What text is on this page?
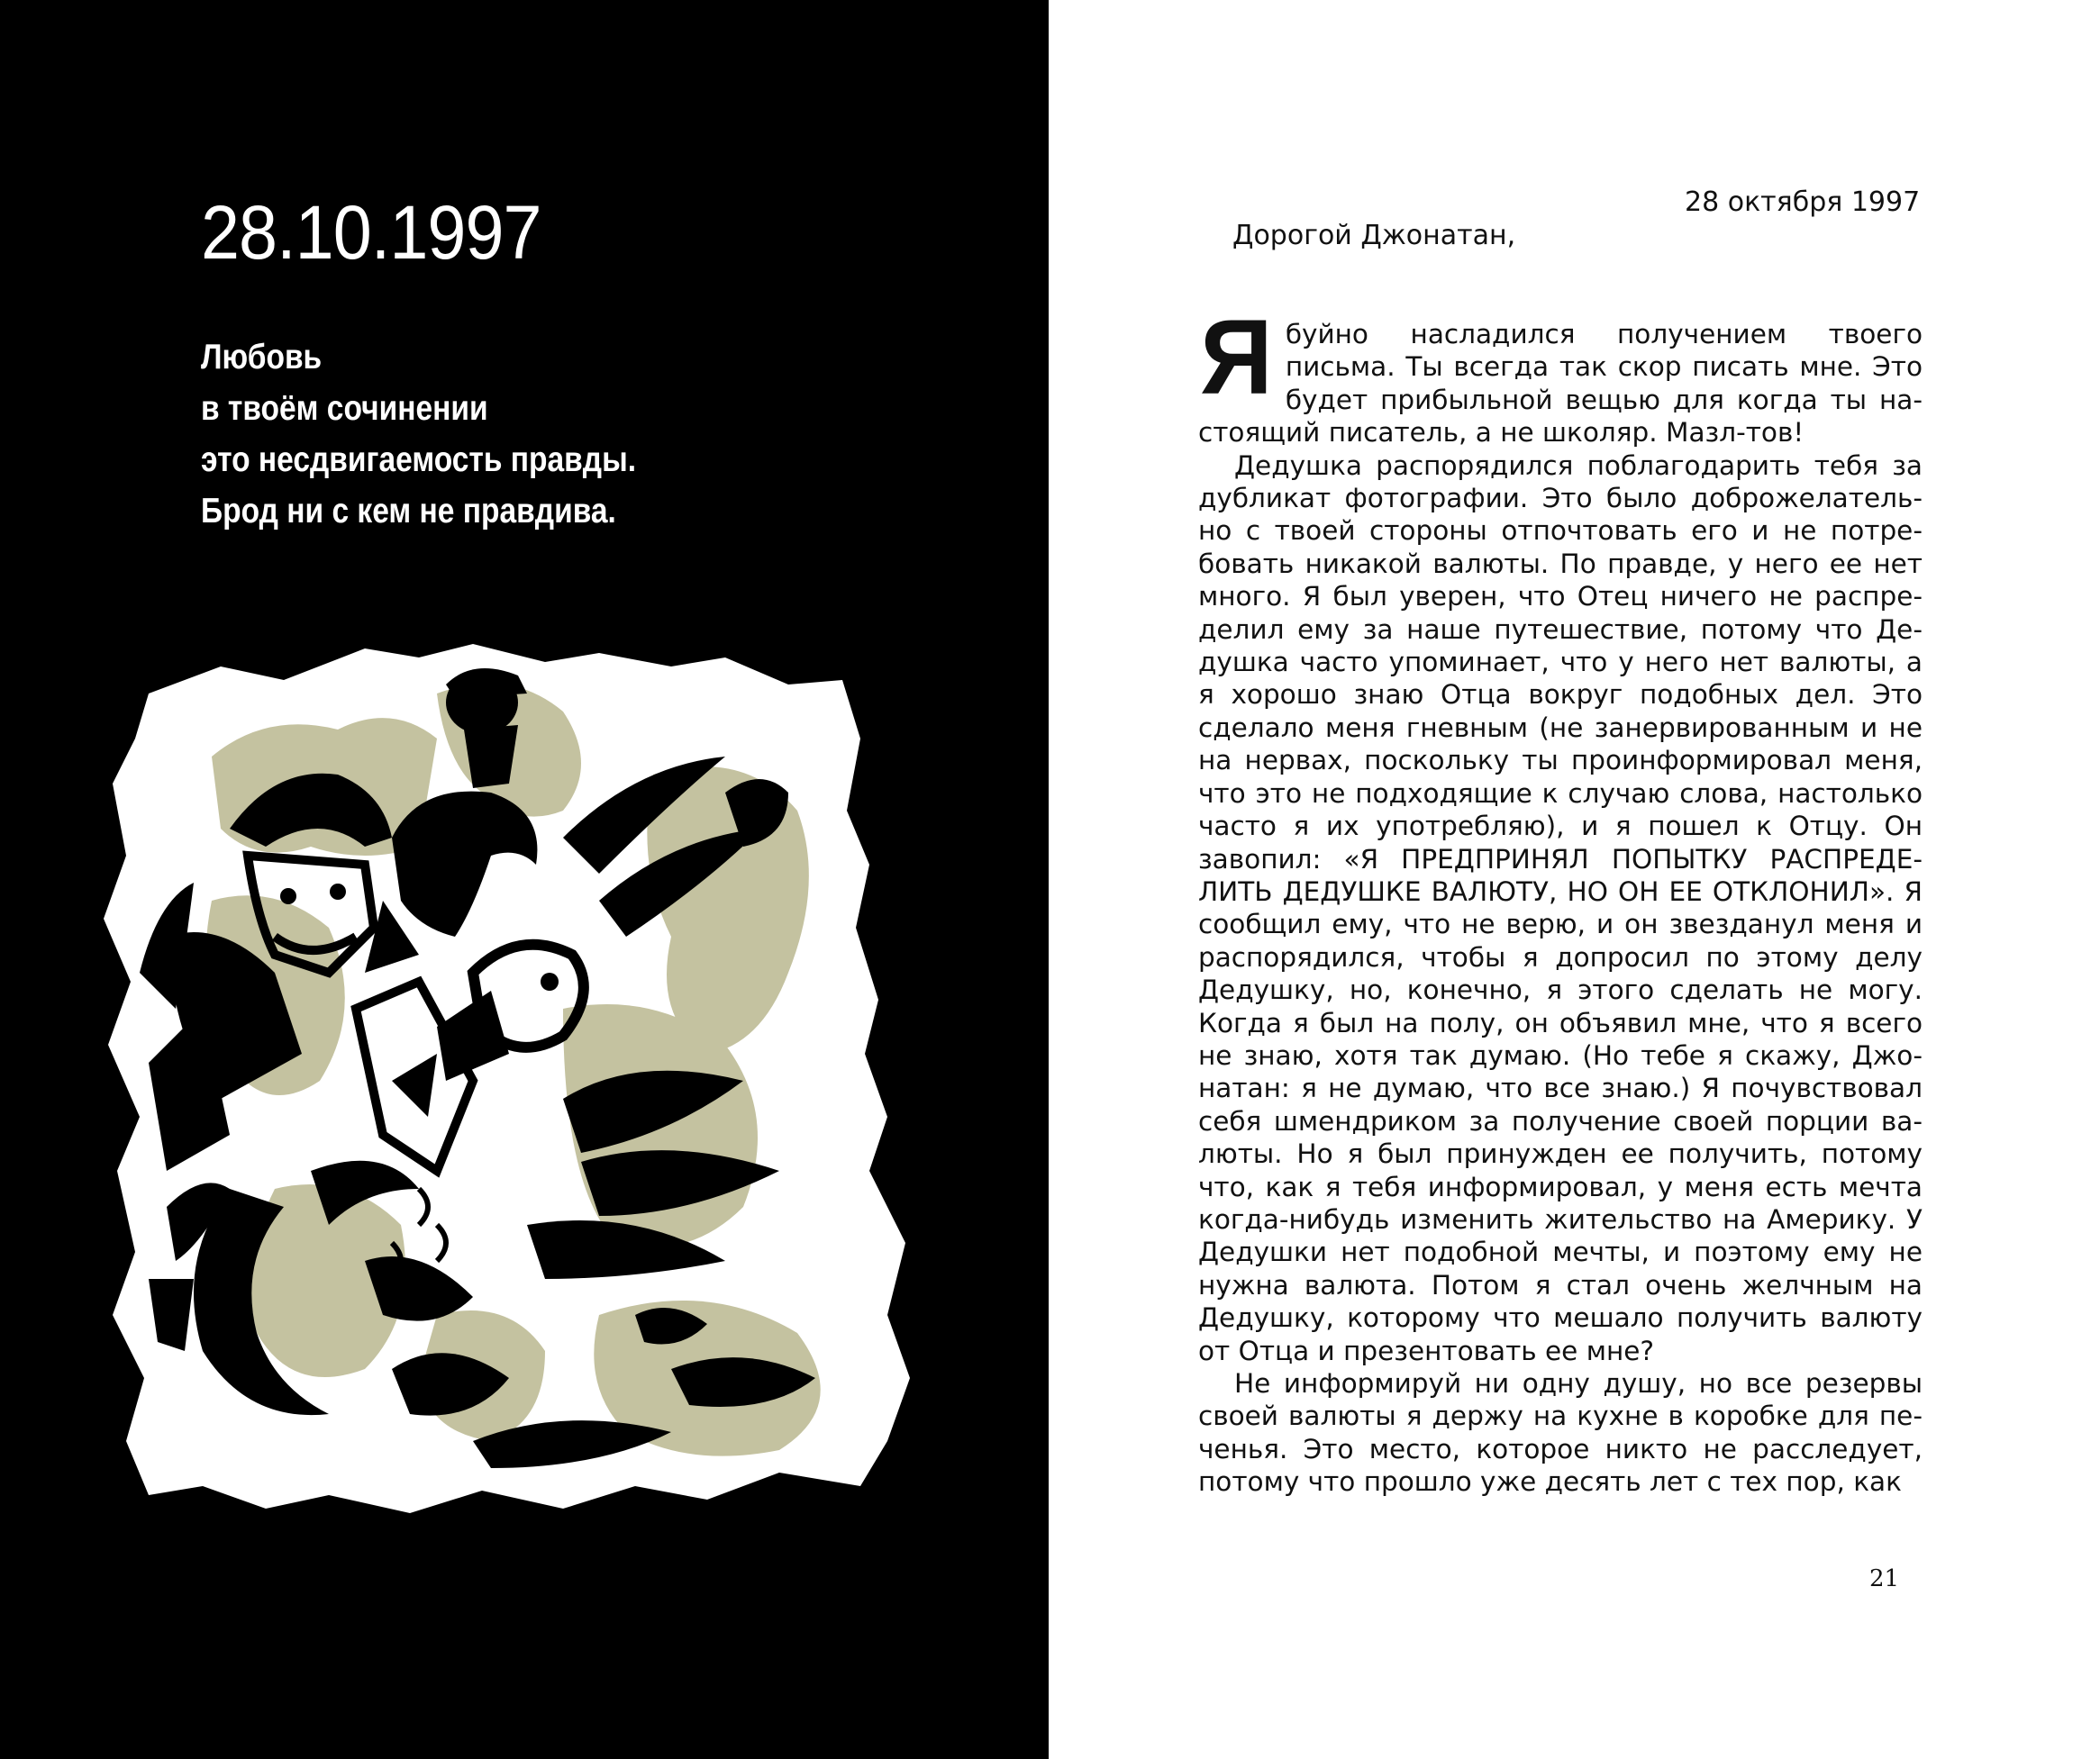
28.10.1997
Любовь
в твоём сочинении
это несдвигаемость правды.
Брод ни с кем не правдива.
28 октября 1997
Дорогой Джонатан,

Ябуйно насладился получением твоего письма. Ты всегда так скор писать мне. Это будет прибыльной вещью для когда ты настоящий писатель, а не школяр. Мазл-тов!

Дедушка распорядился поблагодарить тебя за дубликат фотографии. Это было доброжелательно с твоей стороны отпочтовать его и не потребовать никакой валюты. По правде, у него ее нет много. Я был уверен, что Отец ничего не распределил ему за наше путешествие, потому что Дедушка часто упоминает, что у него нет валюты, а я хорошо знаю Отца вокруг подобных дел. Это сделало меня гневным (не занервированным и не на нервах, поскольку ты проинформировал меня, что это не подходящие к случаю слова, настолько часто я их употребляю), и я пошел к Отцу. Он завопил: «Я ПРЕДПРИНЯЛ ПОПЫТКУ РАСПРЕДЕЛИТЬ ДЕДУШКЕ ВАЛЮТУ, НО ОН ЕЕ ОТКЛОНИЛ». Я сообщил ему, что не верю, и он звезданул меня и распорядился, чтобы я допросил по этому делу Дедушку, но, конечно, я этого сделать не могу. Когда я был на полу, он объявил мне, что я всего не знаю, хотя так думаю. (Но тебе я скажу, Джонатан: я не думаю, что все знаю.) Я почувствовал себя шмендриком за получение своей порции валюты. Но я был принужден ее получить, потому что, как я тебя информировал, у меня есть мечта когда-нибудь изменить жительство на Америку. У Дедушки нет подобной мечты, и поэтому ему не нужна валюта. Потом я стал очень желчным на Дедушку, которому что мешало получить валюту от Отца и презентовать ее мне?

Не информируй ни одну душу, но все резервы своей валюты я держу на кухне в коробке для печенья. Это место, которое никто не расследует, потому что прошло уже десять лет с тех пор, как

21
